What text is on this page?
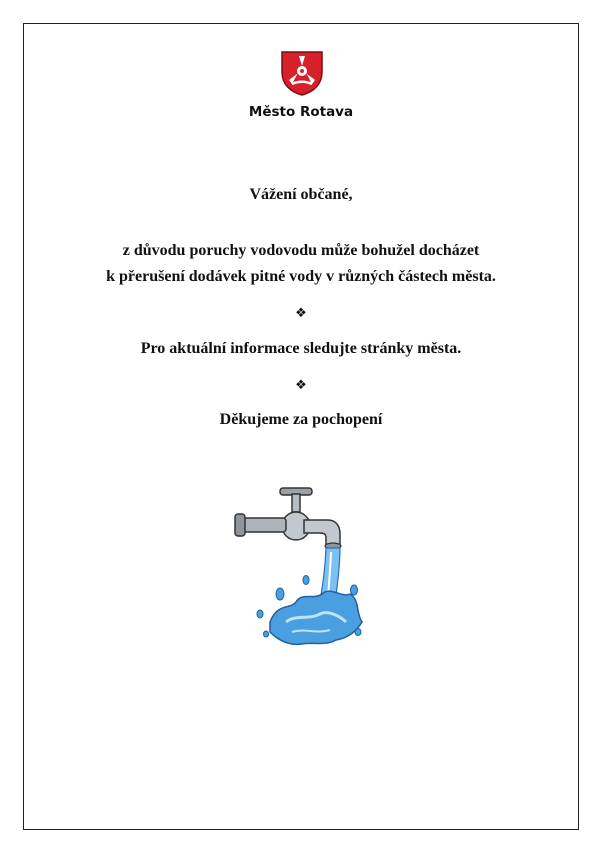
Město Rotava
Vážení občané,
z důvodu poruchy vodovodu může bohužel docházet
k přerušení dodávek pitné vody v různých částech města.
❖
Pro aktuální informace sledujte stránky města.
❖
Děkujeme za pochopení
